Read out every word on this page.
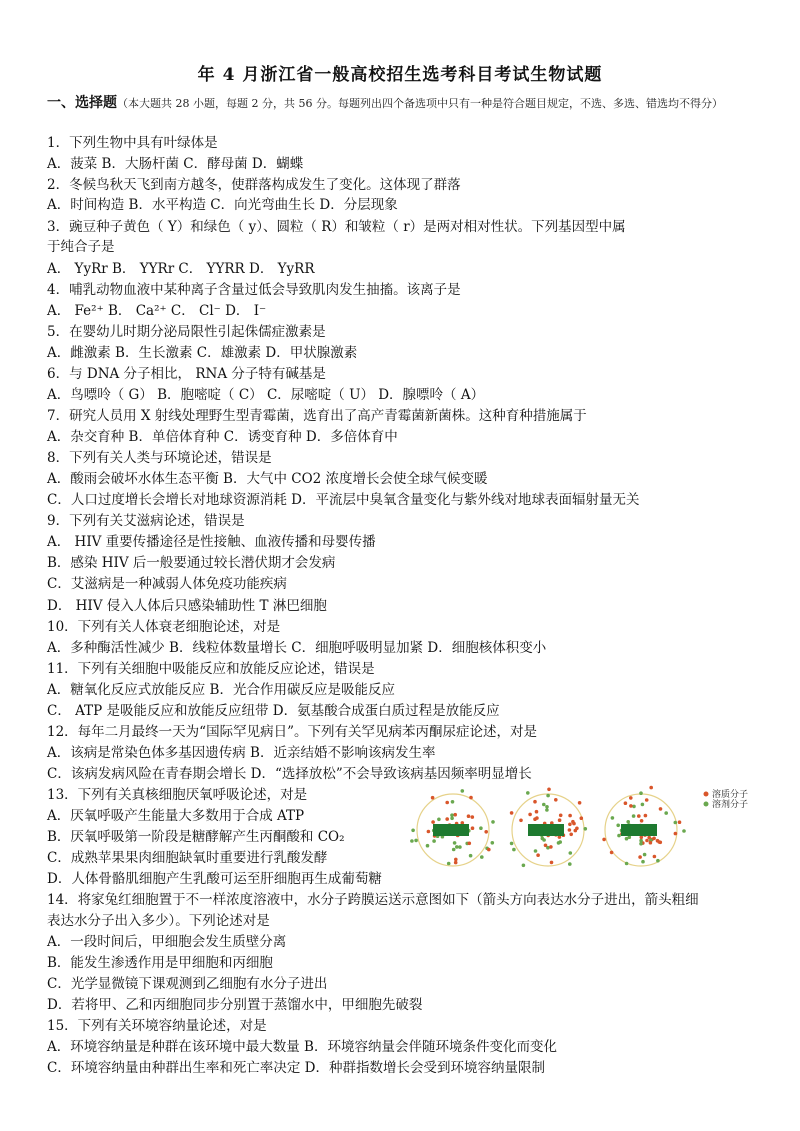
年 4 月浙江省一般高校招生选考科目考试生物试题
一、选择题（本大题共 28 小题，每题 2 分，共 56 分。每题列出四个备选项中只有一种是符合题目规定，不选、多选、错选均不得分）
1．下列生物中具有叶绿体是
A．菠菜 B．大肠杆菌 C．酵母菌 D．蝴蝶
2．冬候鸟秋天飞到南方越冬，使群落构成发生了变化。这体现了群落
A．时间构造 B．水平构造 C．向光弯曲生长 D．分层现象
3．豌豆种子黄色（ Y）和绿色（ y）、圆粒（ R）和皱粒（ r）是两对相对性状。下列基因型中属
于纯合子是
A． YyRr B． YYRr C． YYRR D． YyRR
4．哺乳动物血液中某种离子含量过低会导致肌肉发生抽搐。该离子是
A． Fe²⁺ B． Ca²⁺ C． Cl⁻ D． I⁻
5．在婴幼儿时期分泌局限性引起侏儒症激素是
A．雌激素 B．生长激素 C．雄激素 D．甲状腺激素
6．与 DNA 分子相比， RNA 分子特有碱基是
A．鸟嘌呤（ G） B．胞嘧啶（ C） C．尿嘧啶（ U） D．腺嘌呤（ A）
7．研究人员用 X 射线处理野生型青霉菌，选育出了高产青霉菌新菌株。这种育种措施属于
A．杂交育种 B．单倍体育种 C．诱变育种 D．多倍体育中
8．下列有关人类与环境论述，错误是
A．酸雨会破坏水体生态平衡 B．大气中 CO2 浓度增长会使全球气候变暖
C．人口过度增长会增长对地球资源消耗 D．平流层中臭氧含量变化与紫外线对地球表面辐射量无关
9．下列有关艾滋病论述，错误是
A． HIV 重要传播途径是性接触、血液传播和母婴传播
B．感染 HIV 后一般要通过较长潜伏期才会发病
C．艾滋病是一种减弱人体免疫功能疾病
D． HIV 侵入人体后只感染辅助性 T 淋巴细胞
10．下列有关人体衰老细胞论述，对是
A．多种酶活性减少 B．线粒体数量增长 C．细胞呼吸明显加紧 D．细胞核体积变小
11．下列有关细胞中吸能反应和放能反应论述，错误是
A．糖氧化反应式放能反应 B．光合作用碳反应是吸能反应
C． ATP 是吸能反应和放能反应纽带 D．氨基酸合成蛋白质过程是放能反应
12．每年二月最终一天为“国际罕见病日”。下列有关罕见病苯丙酮尿症论述，对是
A．该病是常染色体多基因遗传病 B．近亲结婚不影响该病发生率
C．该病发病风险在青春期会增长 D．“选择放松”不会导致该病基因频率明显增长
13．下列有关真核细胞厌氧呼吸论述，对是
A．厌氧呼吸产生能量大多数用于合成 ATP
B．厌氧呼吸第一阶段是糖酵解产生丙酮酸和 CO₂
C．成熟苹果果肉细胞缺氧时重要进行乳酸发酵
D．人体骨骼肌细胞产生乳酸可运至肝细胞再生成葡萄糖
14．将家兔红细胞置于不一样浓度溶液中，水分子跨膜运送示意图如下（箭头方向表达水分子进出，箭头粗细
表达水分子出入多少）。下列论述对是
A．一段时间后，甲细胞会发生质壁分离
B．能发生渗透作用是甲细胞和丙细胞
C．光学显微镜下课观测到乙细胞有水分子进出
D．若将甲、乙和丙细胞同步分别置于蒸馏水中，甲细胞先破裂
15．下列有关环境容纳量论述，对是
A．环境容纳量是种群在该环境中最大数量 B．环境容纳量会伴随环境条件变化而变化
C．环境容纳量由种群出生率和死亡率决定 D．种群指数增长会受到环境容纳量限制
溶质分子
溶剂分子
